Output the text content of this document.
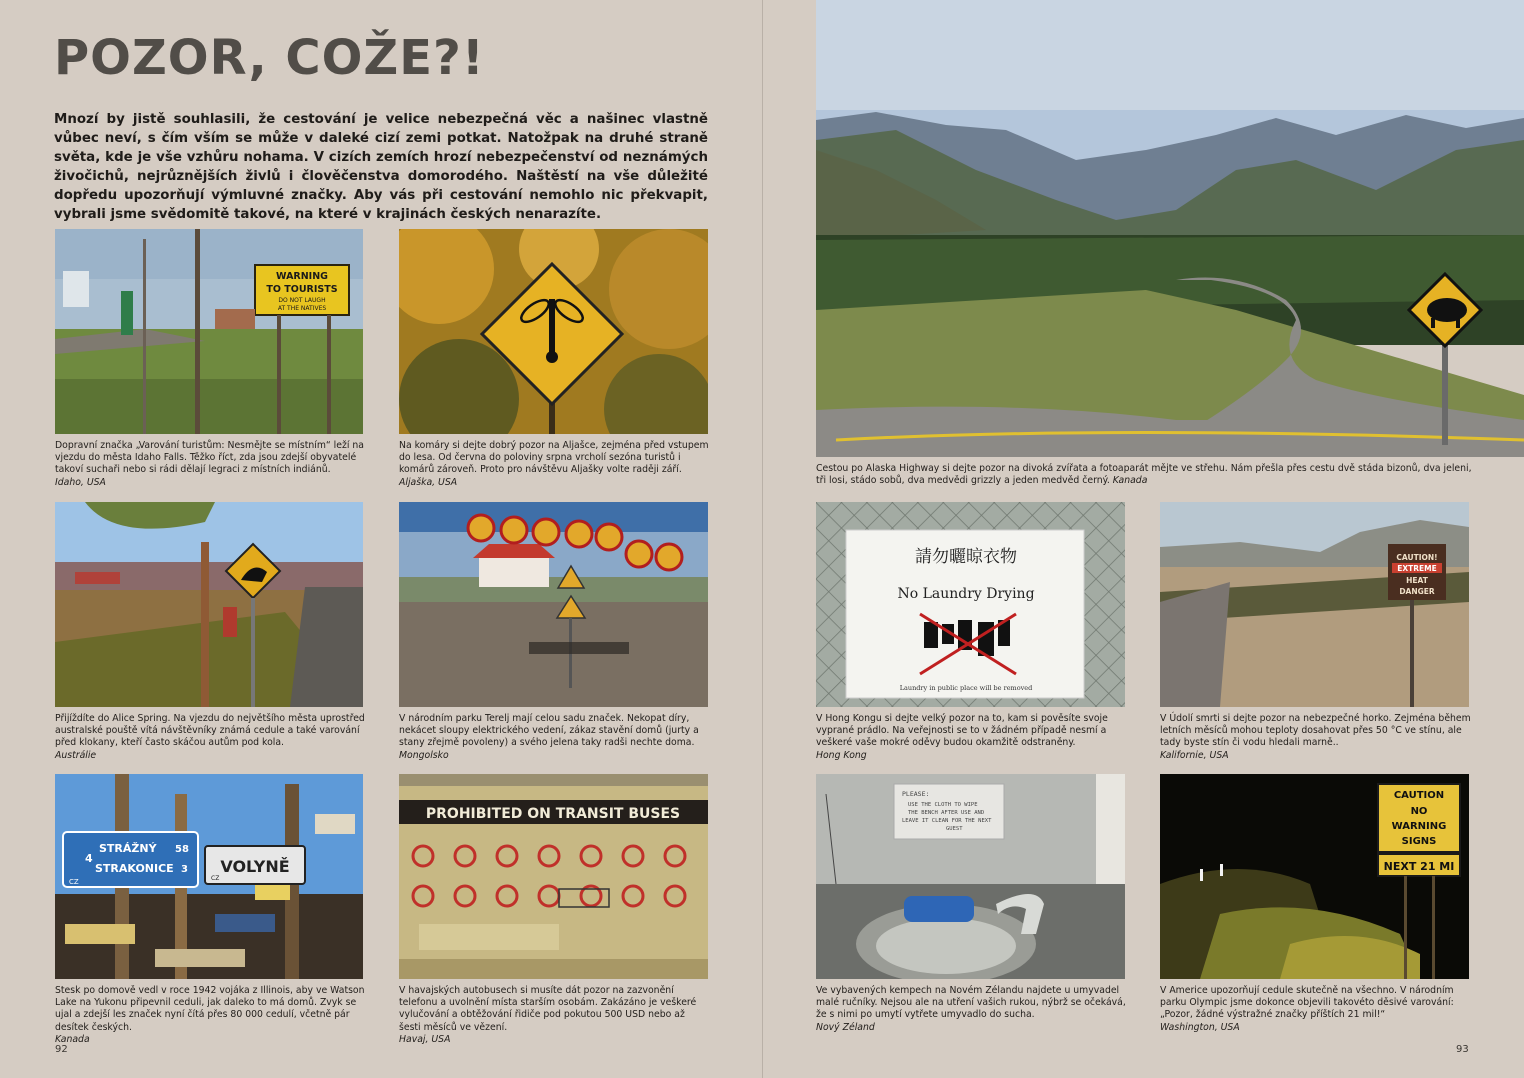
POZOR, COŽE?!

Mnozí by jistě souhlasili, že cestování je velice nebezpečná věc a našinec vlastně vůbec neví, s čím vším se může v daleké cizí zemi potkat. Natožpak na druhé straně světa, kde je vše vzhůru nohama. V cizích zemích hrozí nebezpečenství od neznámých živočichů, nejrůznějších živlů i člověčenstva domorodého. Naštěstí na vše důležité dopředu upozorňují výmluvné značky. Aby vás při cestování nemohlo nic překvapit, vybrali jsme svědomitě takové, na které v krajinách českých nenarazíte.

WARNING
TO TOURISTS
DO NOT LAUGH
AT THE NATIVES

Dopravní značka „Varování turistům: Nesmějte se místním“ leží na vjezdu do města Idaho Falls. Těžko říct, zda jsou zdejší obyvatelé takoví suchaři nebo si rádi dělají legraci z místních indiánů.
Idaho, USA

Na komáry si dejte dobrý pozor na Aljašce, zejména před vstupem do lesa. Od června do poloviny srpna vrcholí sezóna turistů i komárů zároveň. Proto pro návštěvu Aljašky volte raději září.
Aljaška, USA

Přijíždíte do Alice Spring. Na vjezdu do největšího města uprostřed australské pouště vítá návštěvníky známá cedule a také varování před klokany, kteří často skáčou autům pod kola.
Austrálie

V národním parku Terelj mají celou sadu značek. Nekopat díry, nekácet sloupy elektrického vedení, zákaz stavění domů (jurty a stany zřejmě povoleny) a svého jelena taky radši nechte doma.
Mongolsko

4
STRÁŽNÝ
STRAKONICE
58
3
CZ
VOLYNĚ
CZ

Stesk po domově vedl v roce 1942 vojáka z Illinois, aby ve Watson Lake na Yukonu připevnil ceduli, jak daleko to má domů. Zvyk se ujal a zdejší les značek nyní čítá přes 80 000 cedulí, včetně pár desítek českých.
Kanada

PROHIBITED ON TRANSIT BUSES

V havajských autobusech si musíte dát pozor na zazvonění telefonu a uvolnění místa starším osobám. Zakázáno je veškeré vylučování a obtěžování řidiče pod pokutou 500 USD nebo až šesti měsíců ve vězení.
Havaj, USA

92

Cestou po Alaska Highway si dejte pozor na divoká zvířata a fotoaparát mějte ve střehu. Nám přešla přes cestu dvě stáda bizonů, dva jeleni, tři losi, stádo sobů, dva medvědi grizzly a jeden medvěd černý. Kanada

請勿曬晾衣物
No Laundry Drying
Laundry in public place will be removed

V Hong Kongu si dejte velký pozor na to, kam si pověsíte svoje vyprané prádlo. Na veřejnosti se to v žádném případě nesmí a veškeré vaše mokré oděvy budou okamžitě odstraněny.
Hong Kong

CAUTION!
EXTREME
HEAT
DANGER

V Údolí smrti si dejte pozor na nebezpečné horko. Zejména během letních měsíců mohou teploty dosahovat přes 50 °C ve stínu, ale tady byste stín či vodu hledali marně..
Kalifornie, USA

PLEASE:
USE THE CLOTH TO WIPE
THE BENCH AFTER USE AND
LEAVE IT CLEAN FOR THE NEXT
GUEST

Ve vybavených kempech na Novém Zélandu najdete u umyvadel malé ručníky. Nejsou ale na utření vašich rukou, nýbrž se očekává, že s nimi po umytí vytřete umyvadlo do sucha.
Nový Zéland

CAUTION
NO
WARNING
SIGNS
NEXT 21 MI

V Americe upozorňují cedule skutečně na všechno. V národním parku Olympic jsme dokonce objevili takovéto děsivé varování: „Pozor, žádné výstražné značky příštích 21 mil!“
Washington, USA

93
